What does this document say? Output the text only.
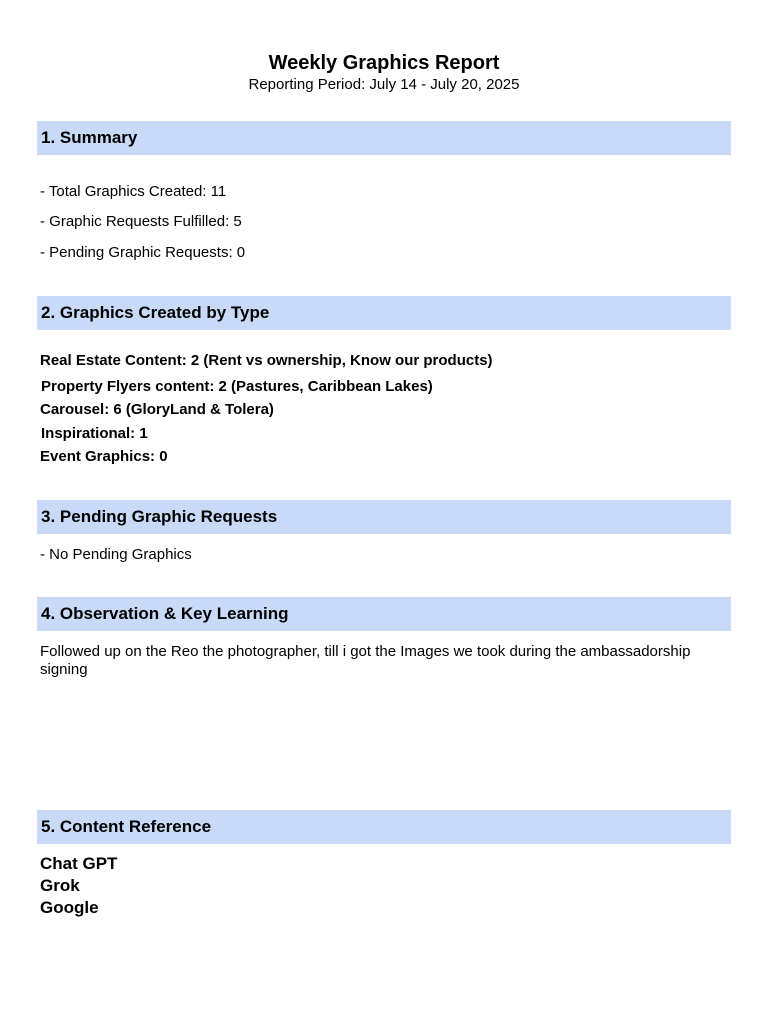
Weekly Graphics Report
Reporting Period: July 14 - July 20, 2025
1. Summary
- Total Graphics Created: 11
- Graphic Requests Fulfilled: 5
- Pending Graphic Requests: 0
2. Graphics Created by Type
Real Estate Content: 2 (Rent vs ownership, Know our products)
Property Flyers content: 2 (Pastures, Caribbean Lakes)
Carousel: 6 (GloryLand & Tolera)
Inspirational: 1
Event Graphics: 0
3. Pending Graphic Requests
- No Pending Graphics
4. Observation & Key Learning
Followed up on the Reo the photographer, till i got the Images we took during the ambassadorship signing
5. Content Reference
Chat GPT
Grok
Google
